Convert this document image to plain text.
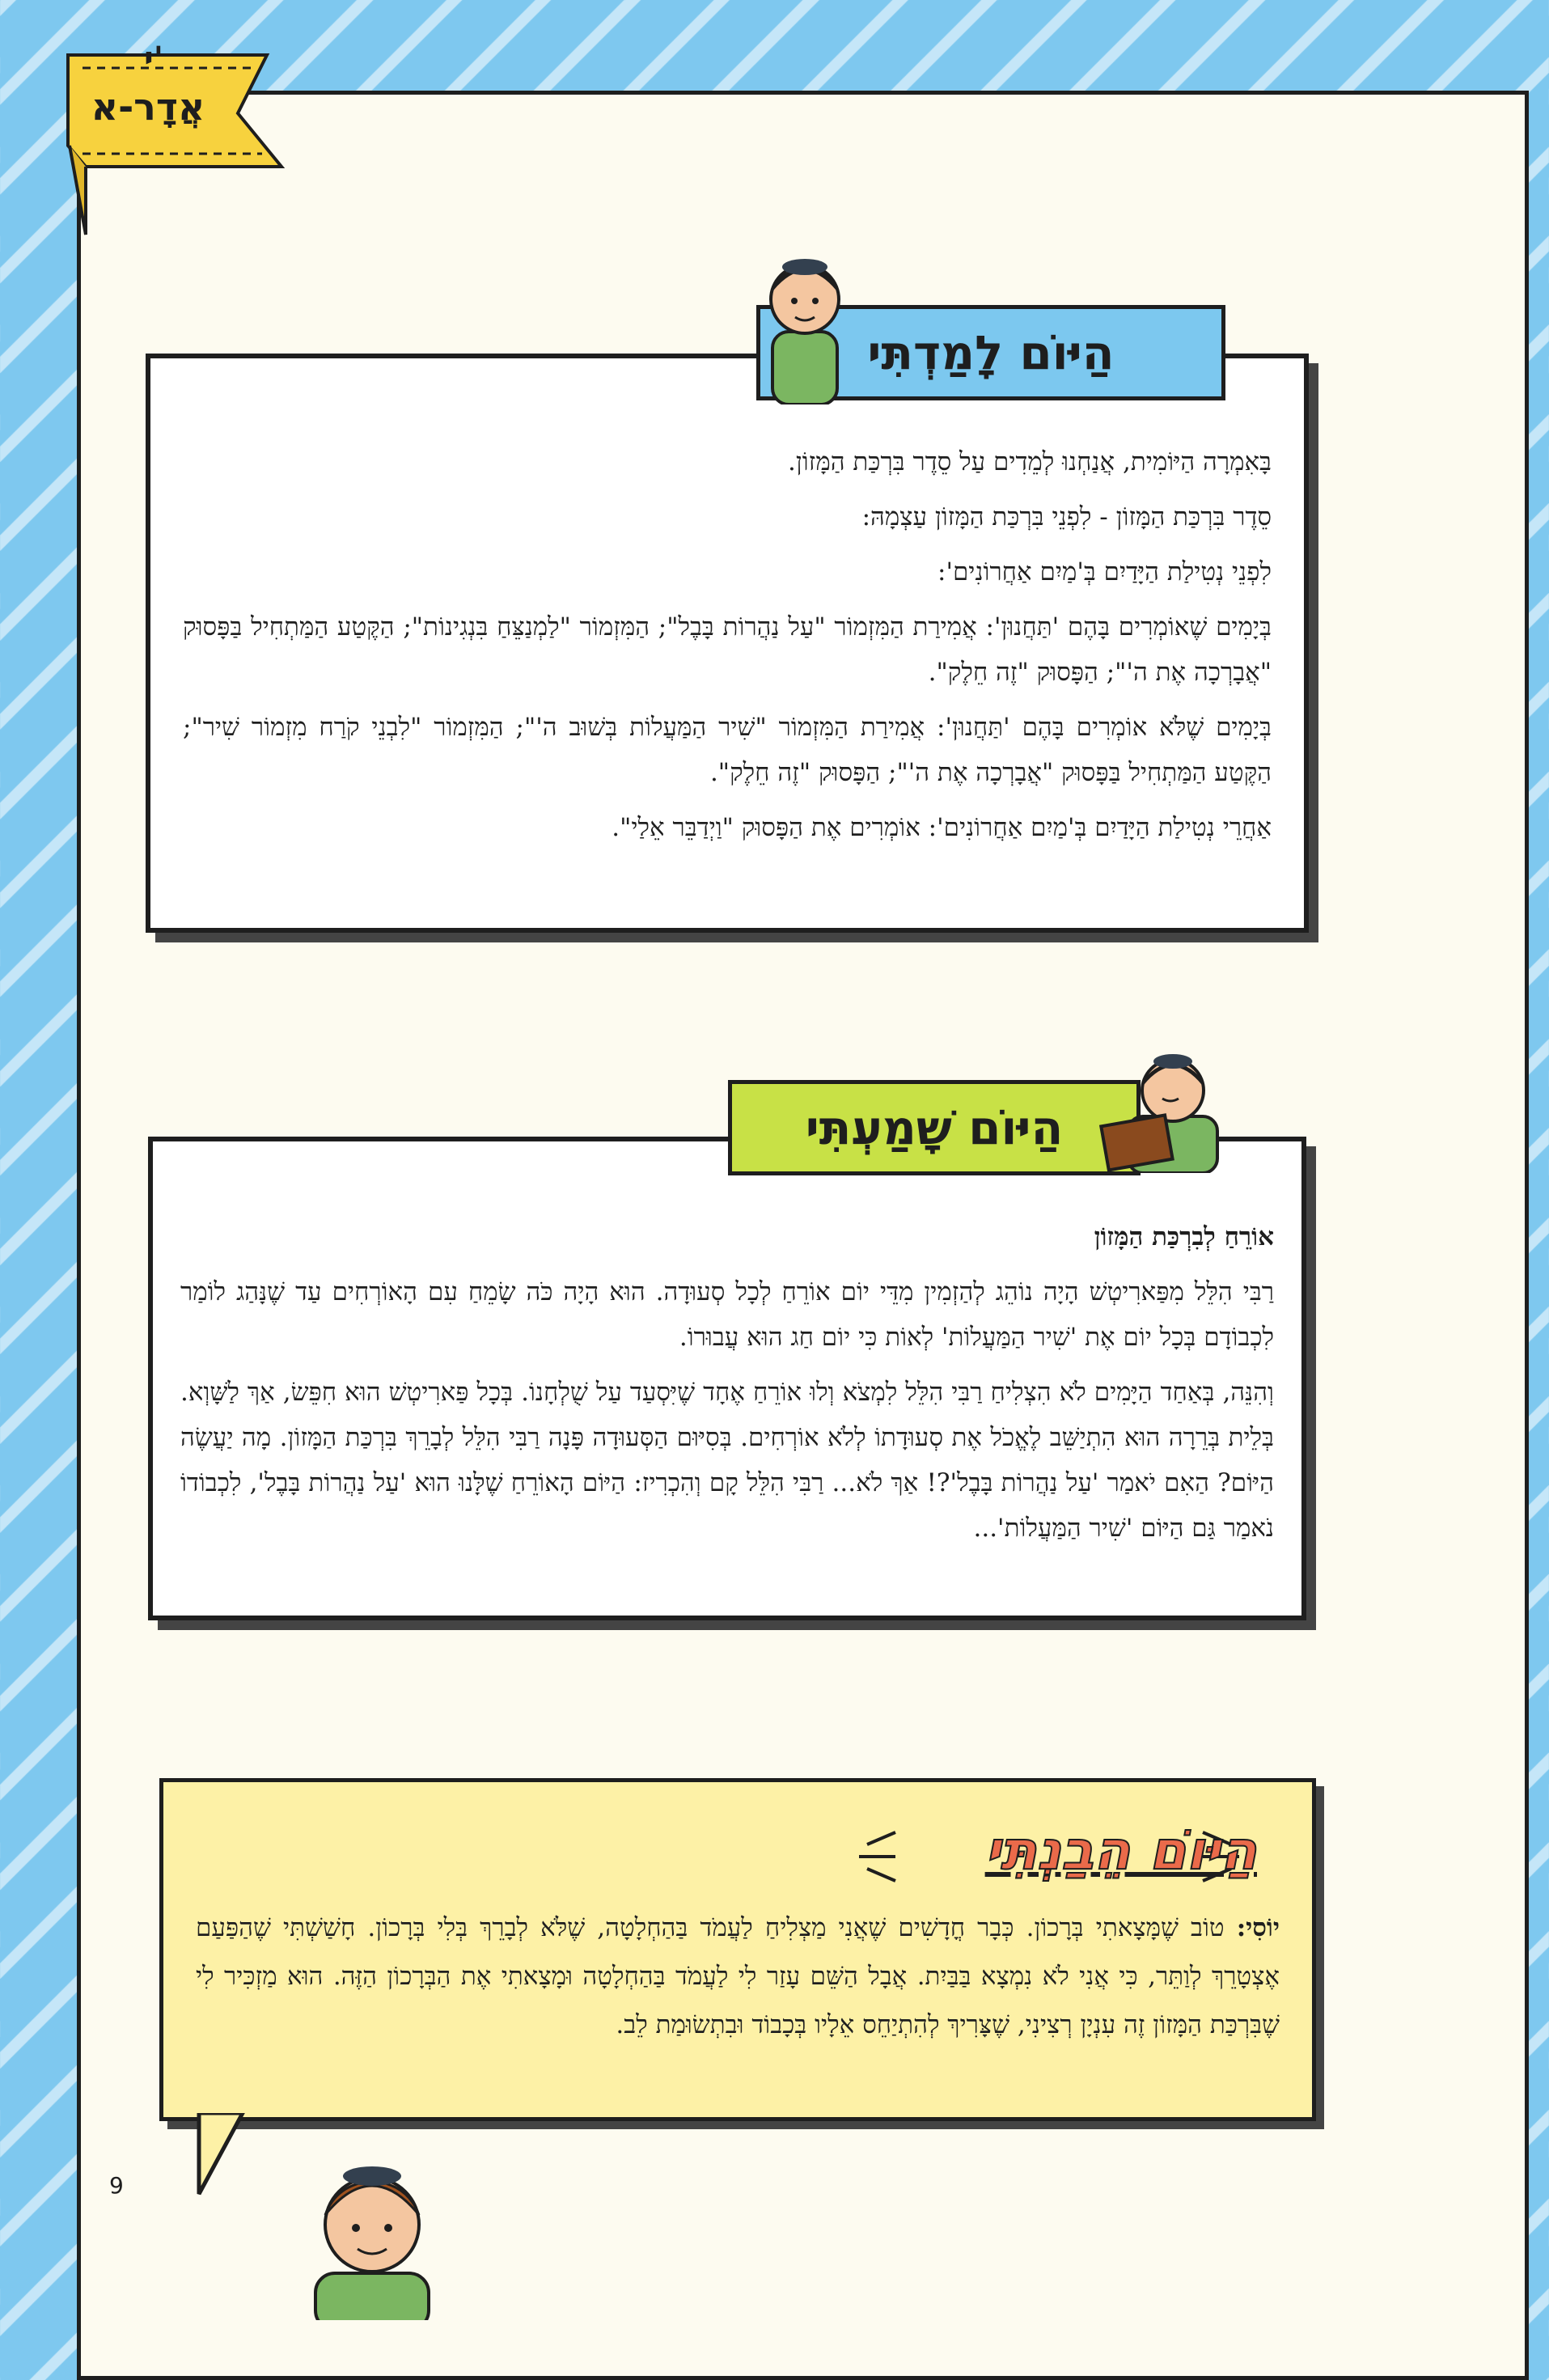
י'
אֲדָר-א

בָּאִמְרָה הַיּוֹמִית, אֲנַחְנוּ לְמֵדִים עַל סֵדֶר בִּרְכַּת הַמָּזוֹן.

סֵדֶר בִּרְכַּת הַמָּזוֹן - לִפְנֵי בִּרְכַּת הַמָּזוֹן עַצְמָהּ:

לִפְנֵי נְטִילַת הַיָּדַיִם בְּ'מַיִם אַחֲרוֹנִים':

בְּיָמִים שֶׁאוֹמְרִים בָּהֶם 'תַּחֲנוּן': אֲמִירַת הַמִּזְמוֹר "עַל נַהֲרוֹת בָּבֶל"; הַמִּזְמוֹר "לַמְנַצֵּחַ בִּנְגִינוֹת"; הַקֶּטַע הַמַּתְחִיל בַּפָּסוּק "אֲבָרְכָה אֶת ה'"; הַפָּסוּק "זֶה חֵלֶק".

בְּיָמִים שֶׁלֹּא אוֹמְרִים בָּהֶם 'תַּחֲנוּן': אֲמִירַת הַמִּזְמוֹר "שִׁיר הַמַּעֲלוֹת בְּשׁוּב ה'"; הַמִּזְמוֹר "לִבְנֵי קֹרַח מִזְמוֹר שִׁיר"; הַקֶּטַע הַמַּתְחִיל בַּפָּסוּק "אֲבָרְכָה אֶת ה'"; הַפָּסוּק "זֶה חֵלֶק".

אַחֲרֵי נְטִילַת הַיָּדַיִם בְּ'מַיִם אַחֲרוֹנִים': אוֹמְרִים אֶת הַפָּסוּק "וַיְדַבֵּר אֵלַי".

הַיּוֹם לָמַדְתִּי

אוֹרֵחַ לְבִרְכַּת הַמָּזוֹן

רַבִּי הִלֵּל מִפַּארִיטְשׁ הָיָה נוֹהֵג לְהַזְמִין מִדֵּי יוֹם אוֹרֵחַ לְכָל סְעוּדָה. הוּא הָיָה כֹּה שָׂמֵחַ עִם הָאוֹרְחִים עַד שֶׁנָּהַג לוֹמַר לִכְבוֹדָם בְּכָל יוֹם אֶת 'שִׁיר הַמַּעֲלוֹת' לְאוֹת כִּי יוֹם חַג הוּא עֲבוּרוֹ.

וְהִנֵּה, בְּאַחַד הַיָּמִים לֹא הִצְלִיחַ רַבִּי הִלֵּל לִמְצֹא וְלוּ אוֹרֵחַ אֶחָד שֶׁיִּסְעַד עַל שֻׁלְחָנוֹ. בְּכָל פַּארִיטְשׁ הוּא חִפֵּשׂ, אַךְ לַשָּׁוְא. בְּלֵית בְּרֵרָה הוּא הִתְיַשֵּׁב לֶאֱכֹל אֶת סְעוּדָתוֹ לְלֹא אוֹרְחִים. בְּסִיּוּם הַסְּעוּדָה פָּנָה רַבִּי הִלֵּל לְבָרֵךְ בִּרְכַּת הַמָּזוֹן. מָה יַעֲשֶׂה הַיּוֹם? הַאִם יֹאמַר 'עַל נַהֲרוֹת בָּבֶל'?! אַךְ לֹא... רַבִּי הִלֵּל קָם וְהִכְרִיז: הַיּוֹם הָאוֹרֵחַ שֶׁלָּנוּ הוּא 'עַל נַהֲרוֹת בָּבֶל', לִכְבוֹדוֹ נֹאמַר גַּם הַיּוֹם 'שִׁיר הַמַּעֲלוֹת'...

הַיּוֹם שָׁמַעְתִּי
הַיּוֹם הֵבַנְתִּי
יוֹסִי: טוֹב שֶׁמָּצָאתִי בְּרָכוֹן. כְּבָר חֳדָשִׁים שֶׁאֲנִי מַצְלִיחַ לַעֲמֹד בַּהַחְלָטָה, שֶׁלֹּא לְבָרֵךְ בְּלִי בְּרָכוֹן. חָשַׁשְׁתִּי שֶׁהַפַּעַם אֶצְטָרֵךְ לְוַתֵּר, כִּי אֲנִי לֹא נִמְצָא בַּבַּיִת. אֲבָל הַשֵּׁם עָזַר לִי לַעֲמֹד בַּהַחְלָטָה וּמָצָאתִי אֶת הַבְּרָכוֹן הַזֶּה. הוּא מַזְכִּיר לִי שֶׁבִּרְכַּת הַמָּזוֹן זֶה עִנְיָן רְצִינִי, שֶׁצָּרִיךְ לְהִתְיַחֵס אֵלָיו בְּכָבוֹד וּבִתְשׂוּמַת לֵב.
9
